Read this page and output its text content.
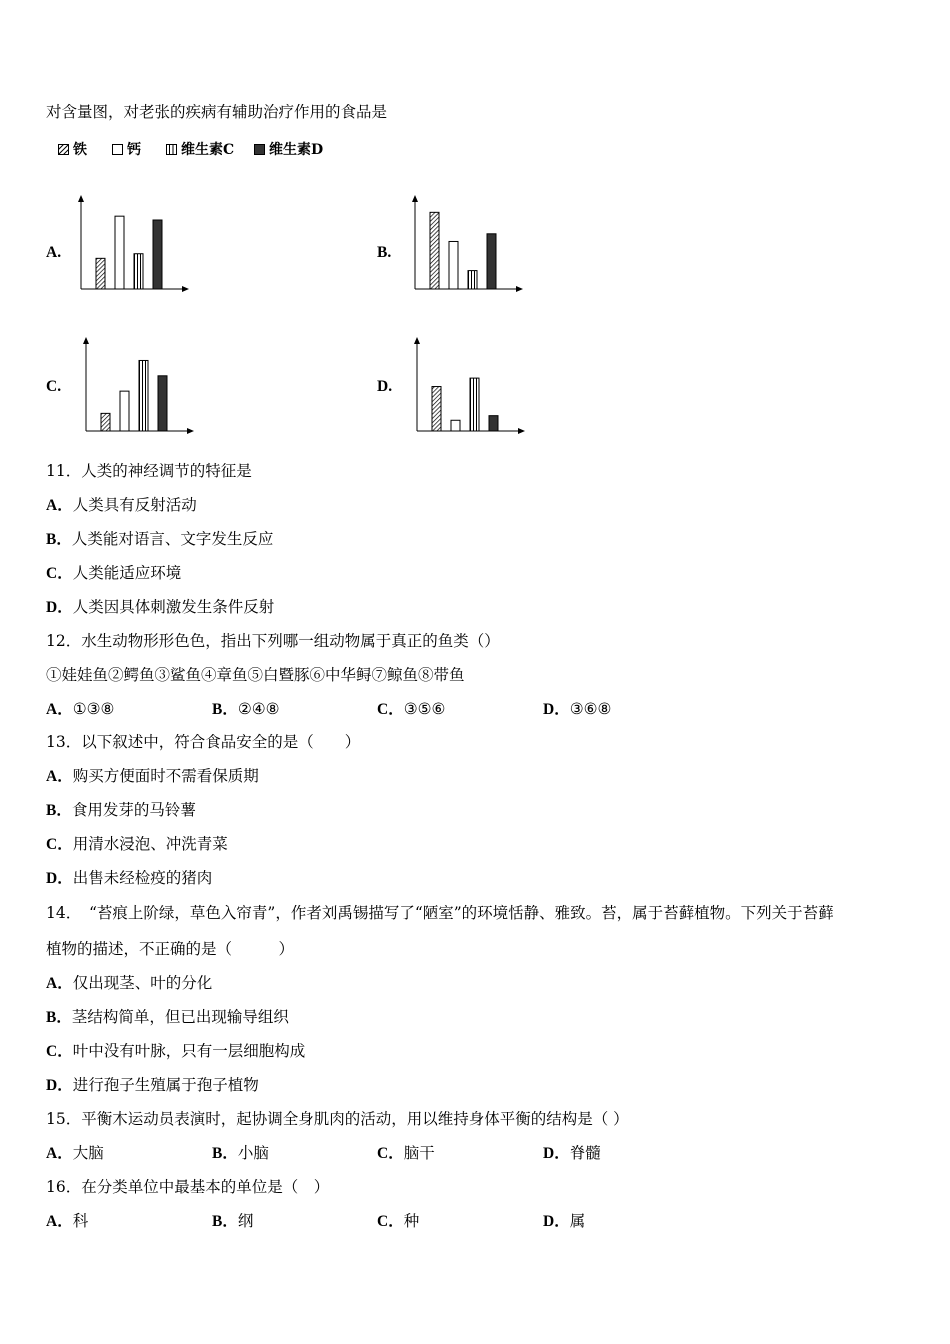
对含量图，对老张的疾病有辅助治疗作用的食品是
铁	钙	维生素C	维生素D
A.	B.
C.	D.
11．人类的神经调节的特征是
A．人类具有反射活动
B．人类能对语言、文字发生反应
C．人类能适应环境
D．人类因具体刺激发生条件反射
12．水生动物形形色色，指出下列哪一组动物属于真正的鱼类（）
①娃娃鱼②鳄鱼③鲨鱼④章鱼⑤白暨豚⑥中华鲟⑦鲸鱼⑧带鱼
A．①③⑧	B．②④⑧	C．③⑤⑥	D．③⑥⑧
13．以下叙述中，符合食品安全的是（　　）
A．购买方便面时不需看保质期
B．食用发芽的马铃薯
C．用清水浸泡、冲洗青菜
D．出售未经检疫的猪肉
14．　“苔痕上阶绿，草色入帘青”，作者刘禹锡描写了“陋室”的环境恬静、雅致。苔，属于苔藓植物。下列关于苔藓
植物的描述，不正确的是（　　　）
A．仅出现茎、叶的分化
B．茎结构简单，但已出现输导组织
C．叶中没有叶脉，只有一层细胞构成
D．进行孢子生殖属于孢子植物
15．平衡木运动员表演时，起协调全身肌肉的活动，用以维持身体平衡的结构是（ ）
A．大脑	B．小脑	C．脑干	D．脊髓
16．在分类单位中最基本的单位是（　）
A．科	B．纲	C．种	D．属
